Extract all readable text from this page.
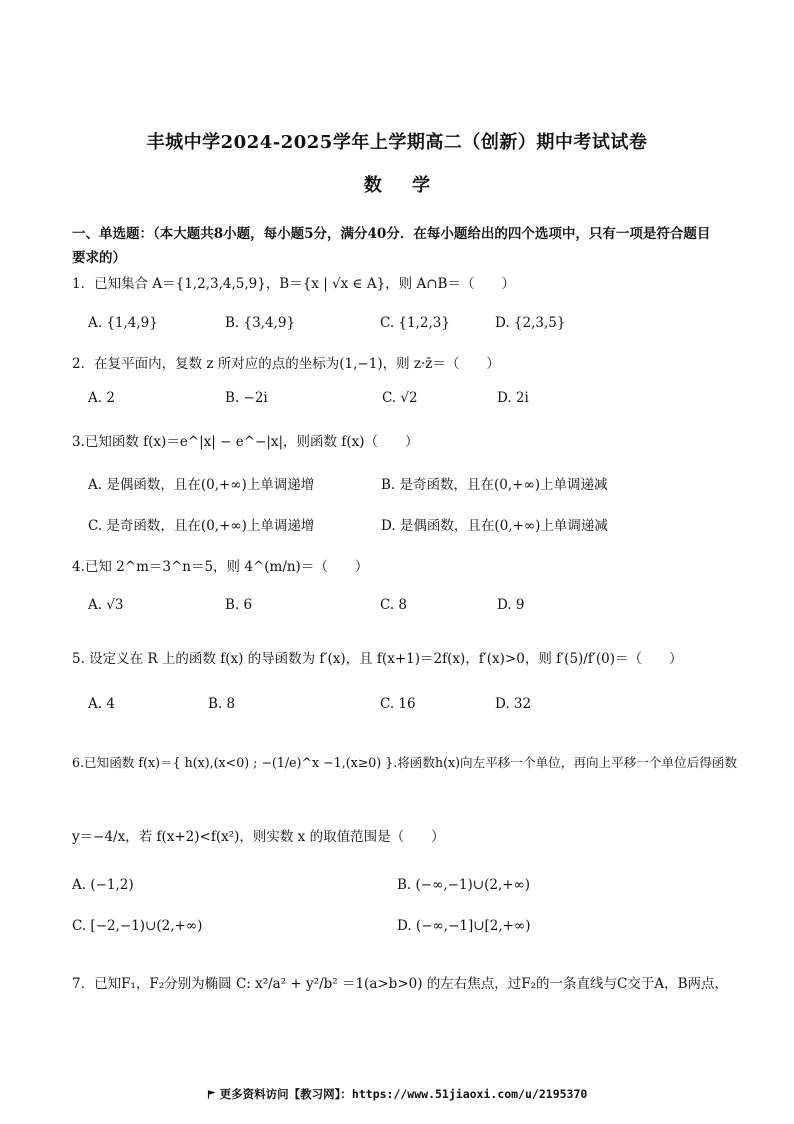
丰城中学2024-2025学年上学期高二（创新）期中考试试卷
数 学
一、单选题：（本大题共8小题，每小题5分，满分40分．在每小题给出的四个选项中，只有一项是符合题目要求的）
1．已知集合 A＝{1,2,3,4,5,9}，B＝{x | √x ∈ A}，则 A∩B＝（　　）
A. {1,4,9}	B. {3,4,9}	C. {1,2,3}	D. {2,3,5}
2．在复平面内，复数 z 所对应的点的坐标为(1,−1)，则 z·z̄＝（　　）
A. 2	B. −2i	C. √2	D. 2i
3.已知函数 f(x)＝e^|x| − e^−|x|，则函数 f(x)（　　）
A. 是偶函数，且在(0,+∞)上单调递增	B. 是奇函数，且在(0,+∞)上单调递减
C. 是奇函数，且在(0,+∞)上单调递增	D. 是偶函数，且在(0,+∞)上单调递减
4.已知 2^m＝3^n＝5，则 4^(m/n)＝（　　）
A. √3	B. 6	C. 8	D. 9
5. 设定义在 R 上的函数 f(x) 的导函数为 f′(x)，且 f(x+1)＝2f(x)，f′(x)>0，则 f′(5)/f′(0)＝（　　）
A. 4	B. 8	C. 16	D. 32
6.已知函数 f(x)＝{ h(x),(x<0) ; −(1/e)^x −1,(x≥0) }.将函数h(x)向左平移一个单位，再向上平移一个单位后得函数
y＝−4/x，若 f(x+2)<f(x²)，则实数 x 的取值范围是（　　）
A. (−1,2)	B. (−∞,−1)∪(2,+∞)
C. [−2,−1)∪(2,+∞)	D. (−∞,−1]∪[2,+∞)
7．已知F₁，F₂分别为椭圆 C: x²/a² + y²/b² ＝1(a>b>0) 的左右焦点，过F₂的一条直线与C交于A，B两点，
更多资料访问【教习网】：https://www.51jiaoxi.com/u/2195370
